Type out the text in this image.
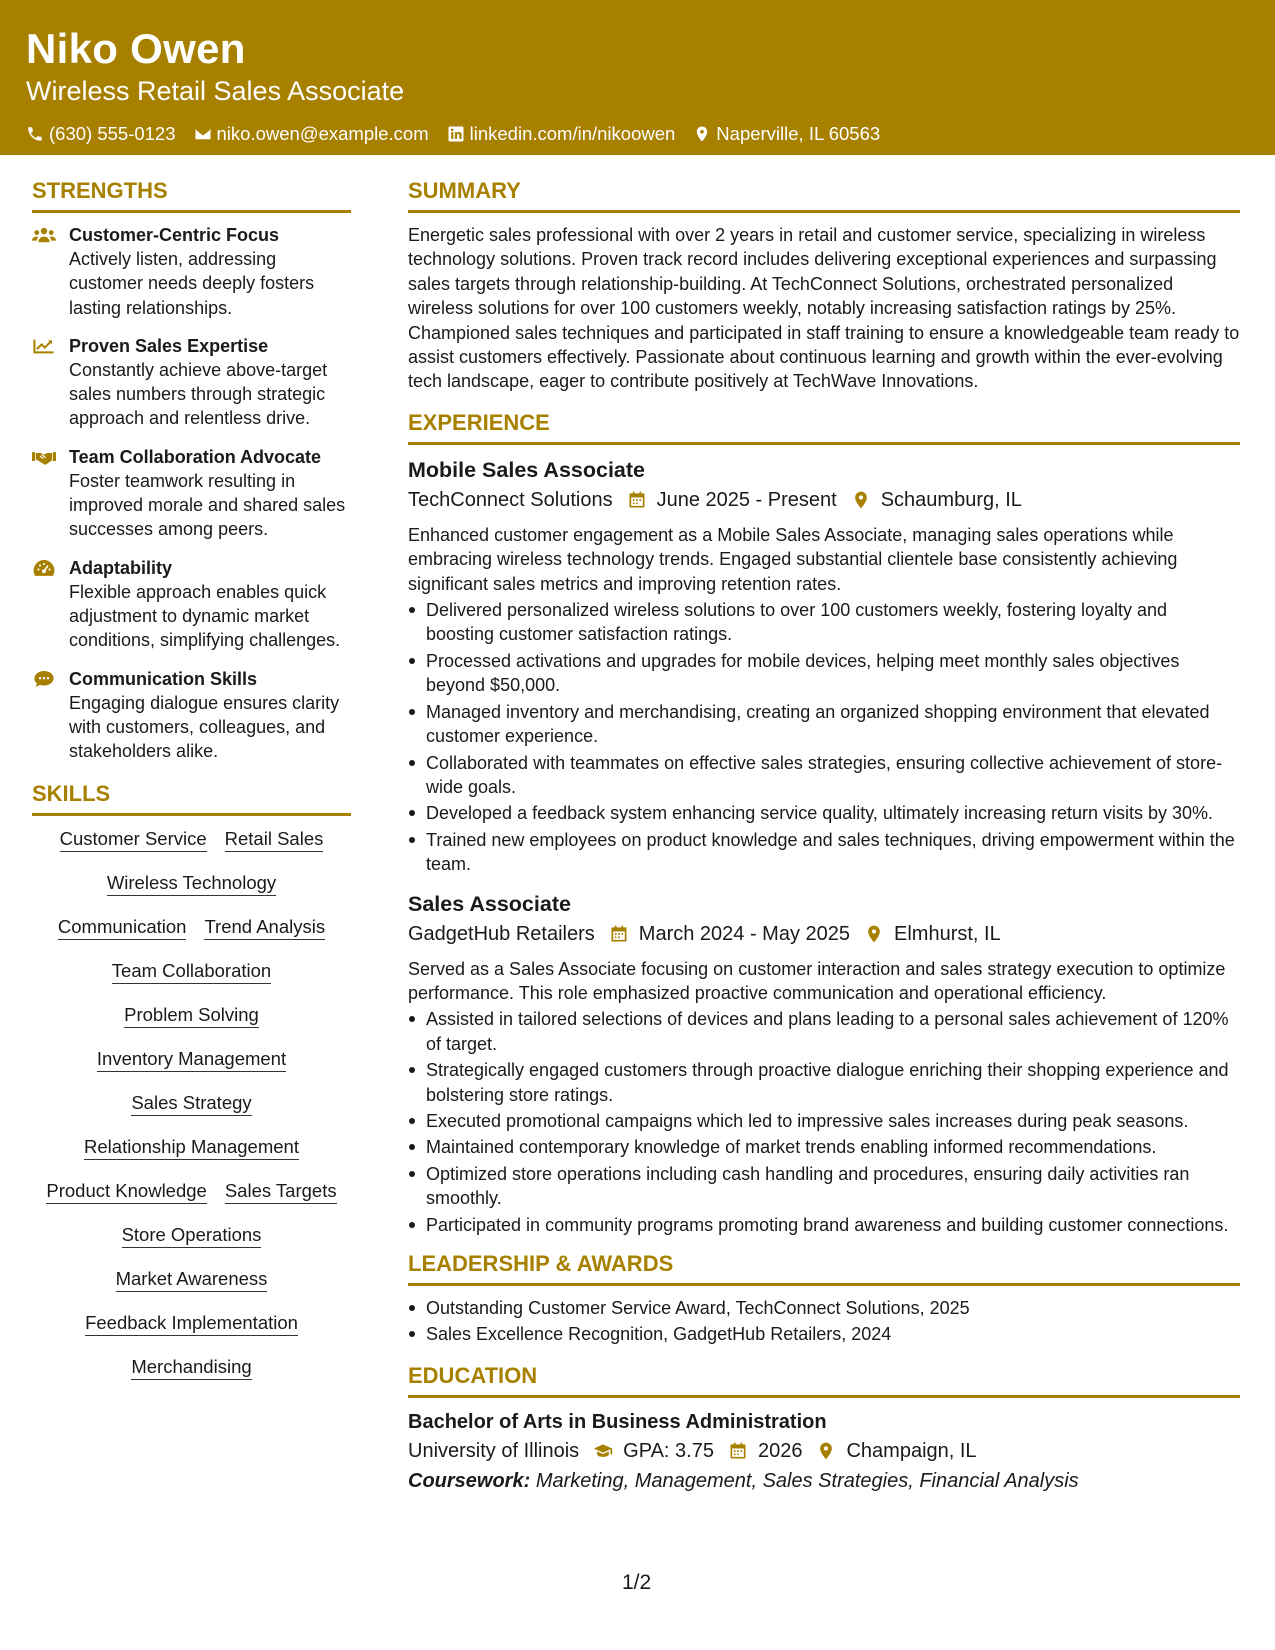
Niko Owen
Wireless Retail Sales Associate
(630) 555-0123 niko.owen@example.com linkedin.com/in/nikoowen Naperville, IL 60563
STRENGTHS
Customer-Centric Focus
Actively listen, addressing customer needs deeply fosters lasting relationships.
Proven Sales Expertise
Constantly achieve above-target sales numbers through strategic approach and relentless drive.
Team Collaboration Advocate
Foster teamwork resulting in improved morale and shared sales successes among peers.
Adaptability
Flexible approach enables quick adjustment to dynamic market conditions, simplifying challenges.
Communication Skills
Engaging dialogue ensures clarity with customers, colleagues, and stakeholders alike.
SKILLS
Customer Service Retail Sales
Wireless Technology
Communication Trend Analysis
Team Collaboration
Problem Solving
Inventory Management
Sales Strategy
Relationship Management
Product Knowledge Sales Targets
Store Operations
Market Awareness
Feedback Implementation
Merchandising
SUMMARY
Energetic sales professional with over 2 years in retail and customer service, specializing in wireless technology solutions. Proven track record includes delivering exceptional experiences and surpassing sales targets through relationship-building. At TechConnect Solutions, orchestrated personalized wireless solutions for over 100 customers weekly, notably increasing satisfaction ratings by 25%. Championed sales techniques and participated in staff training to ensure a knowledgeable team ready to assist customers effectively. Passionate about continuous learning and growth within the ever-evolving tech landscape, eager to contribute positively at TechWave Innovations.
EXPERIENCE
Mobile Sales Associate
TechConnect Solutions June 2025 - Present Schaumburg, IL
Enhanced customer engagement as a Mobile Sales Associate, managing sales operations while embracing wireless technology trends. Engaged substantial clientele base consistently achieving significant sales metrics and improving retention rates.
Delivered personalized wireless solutions to over 100 customers weekly, fostering loyalty and boosting customer satisfaction ratings.
Processed activations and upgrades for mobile devices, helping meet monthly sales objectives beyond $50,000.
Managed inventory and merchandising, creating an organized shopping environment that elevated customer experience.
Collaborated with teammates on effective sales strategies, ensuring collective achievement of store-wide goals.
Developed a feedback system enhancing service quality, ultimately increasing return visits by 30%.
Trained new employees on product knowledge and sales techniques, driving empowerment within the team.
Sales Associate
GadgetHub Retailers March 2024 - May 2025 Elmhurst, IL
Served as a Sales Associate focusing on customer interaction and sales strategy execution to optimize performance. This role emphasized proactive communication and operational efficiency.
Assisted in tailored selections of devices and plans leading to a personal sales achievement of 120% of target.
Strategically engaged customers through proactive dialogue enriching their shopping experience and bolstering store ratings.
Executed promotional campaigns which led to impressive sales increases during peak seasons.
Maintained contemporary knowledge of market trends enabling informed recommendations.
Optimized store operations including cash handling and procedures, ensuring daily activities ran smoothly.
Participated in community programs promoting brand awareness and building customer connections.
LEADERSHIP & AWARDS
Outstanding Customer Service Award, TechConnect Solutions, 2025
Sales Excellence Recognition, GadgetHub Retailers, 2024
EDUCATION
Bachelor of Arts in Business Administration
University of Illinois GPA: 3.75 2026 Champaign, IL
Coursework: Marketing, Management, Sales Strategies, Financial Analysis
1/2
